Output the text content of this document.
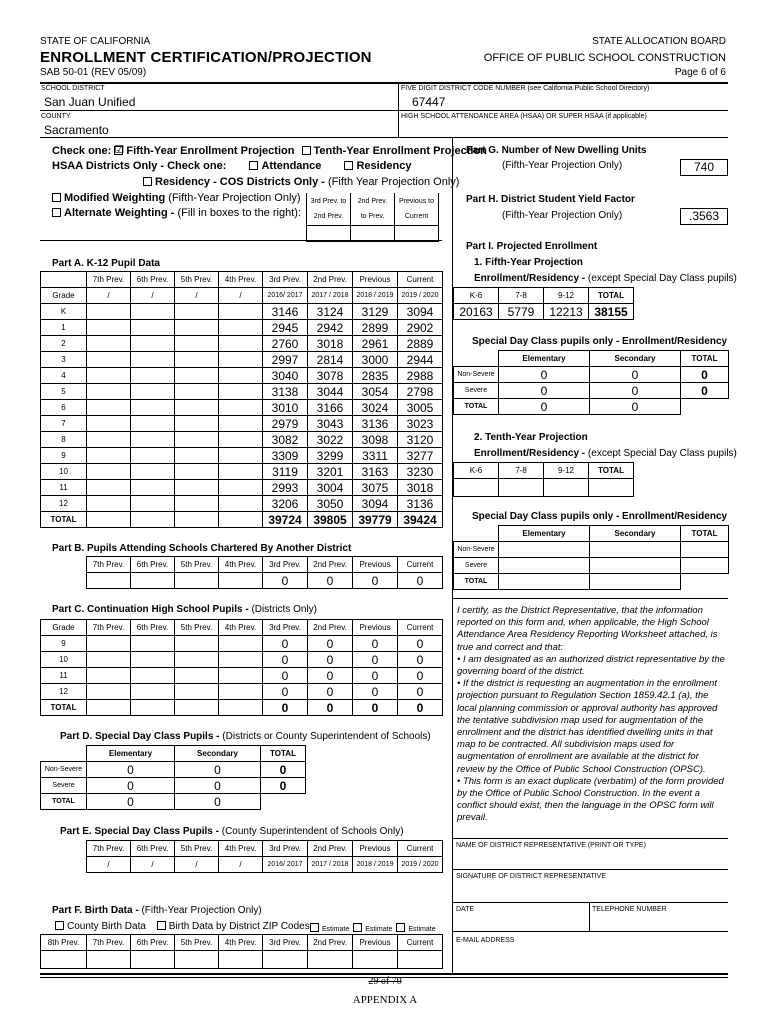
STATE OF CALIFORNIA
ENROLLMENT CERTIFICATION/PROJECTION
SAB 50-01 (REV 05/09)
STATE ALLOCATION BOARD
OFFICE OF PUBLIC SCHOOL CONSTRUCTION
Page 6 of 6
SCHOOL DISTRICT
San Juan Unified
FIVE DIGIT DISTRICT CODE NUMBER (see California Public School Directory)
67447
COUNTY
Sacramento
HIGH SCHOOL ATTENDANCE AREA (HSAA) OR SUPER HSAA (if applicable)
Check one: ☑ Fifth-Year Enrollment Projection Tenth-Year Enrollment Projection
HSAA Districts Only - Check one:	Attendance	Residency
Residency - COS Districts Only - (Fifth Year Projection Only)
Modified Weighting (Fifth-Year Projection Only)
Alternate Weighting - (Fill in boxes to the right):
3rd Prev. to	2nd Prev.	Previous to
2nd Prev.	to Prev.	Current

Part A. K-12 Pupil Data
	7th Prev.	6th Prev.	5th Prev.	4th Prev.	3rd Prev.	2nd Prev.	Previous	Current
Grade	/	/	/	/	2016/ 2017	2017 / 2018	2018 / 2019	2019 / 2020
K					3146	3124	3129	3094
1					2945	2942	2899	2902
2					2760	3018	2961	2889
3					2997	2814	3000	2944
4					3040	3078	2835	2988
5					3138	3044	3054	2798
6					3010	3166	3024	3005
7					2979	3043	3136	3023
8					3082	3022	3098	3120
9					3309	3299	3311	3277
10					3119	3201	3163	3230
11					2993	3004	3075	3018
12					3206	3050	3094	3136
TOTAL					39724	39805	39779	39424
Part B. Pupils Attending Schools Chartered By Another District
7th Prev.	6th Prev.	5th Prev.	4th Prev.	3rd Prev.	2nd Prev.	Previous	Current
				0	0	0	0
Part C. Continuation High School Pupils - (Districts Only)
Grade	7th Prev.	6th Prev.	5th Prev.	4th Prev.	3rd Prev.	2nd Prev.	Previous	Current
9					0	0	0	0
10					0	0	0	0
11					0	0	0	0
12					0	0	0	0
TOTAL					0	0	0	0
Part D. Special Day Class Pupils - (Districts or County Superintendent of Schools)
	Elementary	Secondary	TOTAL
Non-Severe	0	0	0
Severe	0	0	0
TOTAL	0	0	
Part E. Special Day Class Pupils - (County Superintendent of Schools Only)
7th Prev.	6th Prev.	5th Prev.	4th Prev.	3rd Prev.	2nd Prev.	Previous	Current
/	/	/	/	2016/ 2017	2017 / 2018	2018 / 2019	2019 / 2020
Part F. Birth Data - (Fifth-Year Projection Only)
County Birth Data Birth Data by District ZIP Codes	Estimate Estimate Estimate
8th Prev.	7th Prev.	6th Prev.	5th Prev.	4th Prev.	3rd Prev.	2nd Prev.	Previous	Current

Part G. Number of New Dwelling Units
(Fifth-Year Projection Only)	740
Part H. District Student Yield Factor
(Fifth-Year Projection Only)	.3563
Part I. Projected Enrollment
1. Fifth-Year Projection
Enrollment/Residency - (except Special Day Class pupils)
K-6	7-8	9-12	TOTAL
20163	5779	12213	38155
Special Day Class pupils only - Enrollment/Residency
	Elementary	Secondary	TOTAL
Non-Severe	0	0	0
Severe	0	0	0
TOTAL	0	0	
2. Tenth-Year Projection
Enrollment/Residency - (except Special Day Class pupils)
K-6	7-8	9-12	TOTAL

Special Day Class pupils only - Enrollment/Residency
	Elementary	Secondary	TOTAL
Non-Severe			
Severe			
TOTAL			
I certify, as the District Representative, that the information reported on this form and, when applicable, the High School Attendance Area Residency Reporting Worksheet attached, is true and correct and that:
• I am designated as an authorized district representative by the governing board of the district.
• If the district is requesting an augmentation in the enrollment projection pursuant to Regulation Section 1859.42.1 (a), the local planning commission or approval authority has approved the tentative subdivision map used for augmentation of the enrollment and the district has identified dwelling units in that map to be contracted. All subdivision maps used for augmentation of enrollment are available at the district for review by the Office of Public School Construction (OPSC).
• This form is an exact duplicate (verbatim) of the form provided by the Office of Public School Construction. In the event a conflict should exist, then the language in the OPSC form will prevail.
NAME OF DISTRICT REPRESENTATIVE (PRINT OR TYPE)
SIGNATURE OF DISTRICT REPRESENTATIVE
DATE	TELEPHONE NUMBER
E-MAIL ADDRESS
29 of 70
APPENDIX A
